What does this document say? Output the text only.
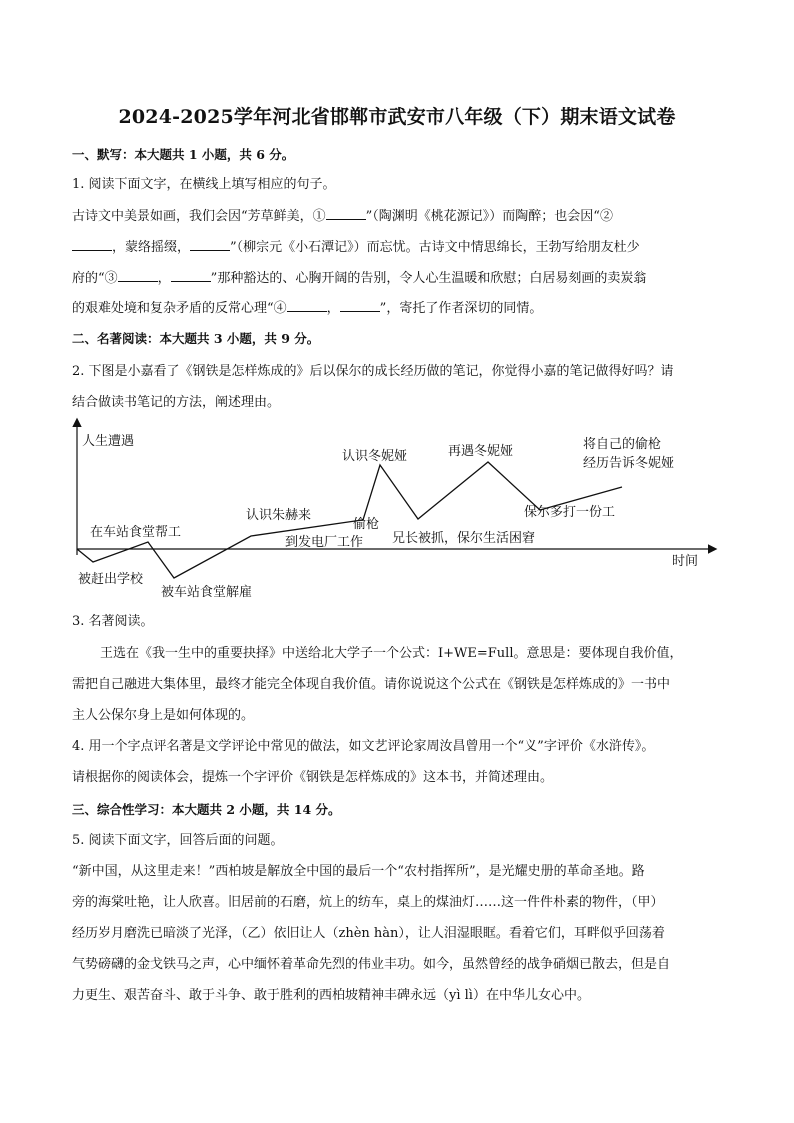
2024-2025学年河北省邯郸市武安市八年级（下）期末语文试卷
一、默写：本大题共 1 小题，共 6 分。
1. 阅读下面文字，在横线上填写相应的句子。
古诗文中美景如画，我们会因“芳草鲜美，①	”（陶渊明《桃花源记》）而陶醉；也会因“②
，蒙络摇缀，	”（柳宗元《小石潭记》）而忘忧。古诗文中情思绵长，王勃写给朋友杜少
府的“③	，	”那种豁达的、心胸开阔的告别，令人心生温暖和欣慰；白居易刻画的卖炭翁
的艰难处境和复杂矛盾的反常心理“④	，	”，寄托了作者深切的同情。
二、名著阅读：本大题共 3 小题，共 9 分。
2. 下图是小嘉看了《钢铁是怎样炼成的》后以保尔的成长经历做的笔记，你觉得小嘉的笔记做得好吗？请
结合做读书笔记的方法，阐述理由。
人生遭遇
时间
被赶出学校
在车站食堂帮工
被车站食堂解雇
认识朱赫来
到发电厂工作
偷枪
认识冬妮娅
兄长被抓，保尔生活困窘
再遇冬妮娅
保尔多打一份工
将自己的偷枪
经历告诉冬妮娅
3. 名著阅读。
王选在《我一生中的重要抉择》中送给北大学子一个公式：I+WE=Full。意思是：要体现自我价值，
需把自己融进大集体里，最终才能完全体现自我价值。请你说说这个公式在《钢铁是怎样炼成的》一书中
主人公保尔身上是如何体现的。
4. 用一个字点评名著是文学评论中常见的做法，如文艺评论家周汝昌曾用一个“义”字评价《水浒传》。
请根据你的阅读体会，提炼一个字评价《钢铁是怎样炼成的》这本书，并简述理由。
三、综合性学习：本大题共 2 小题，共 14 分。
5. 阅读下面文字，回答后面的问题。
“新中国，从这里走来！”西柏坡是解放全中国的最后一个“农村指挥所”，是光耀史册的革命圣地。路
旁的海棠吐艳，让人欣喜。旧居前的石磨，炕上的纺车，桌上的煤油灯……这一件件朴素的物件，（甲）
经历岁月磨洗已暗淡了光泽，（乙）依旧让人（zhèn hàn），让人泪湿眼眶。看着它们，耳畔似乎回荡着
气势磅礴的金戈铁马之声，心中缅怀着革命先烈的伟业丰功。如今，虽然曾经的战争硝烟已散去，但是自
力更生、艰苦奋斗、敢于斗争、敢于胜利的西柏坡精神丰碑永远（yì lì）在中华儿女心中。
